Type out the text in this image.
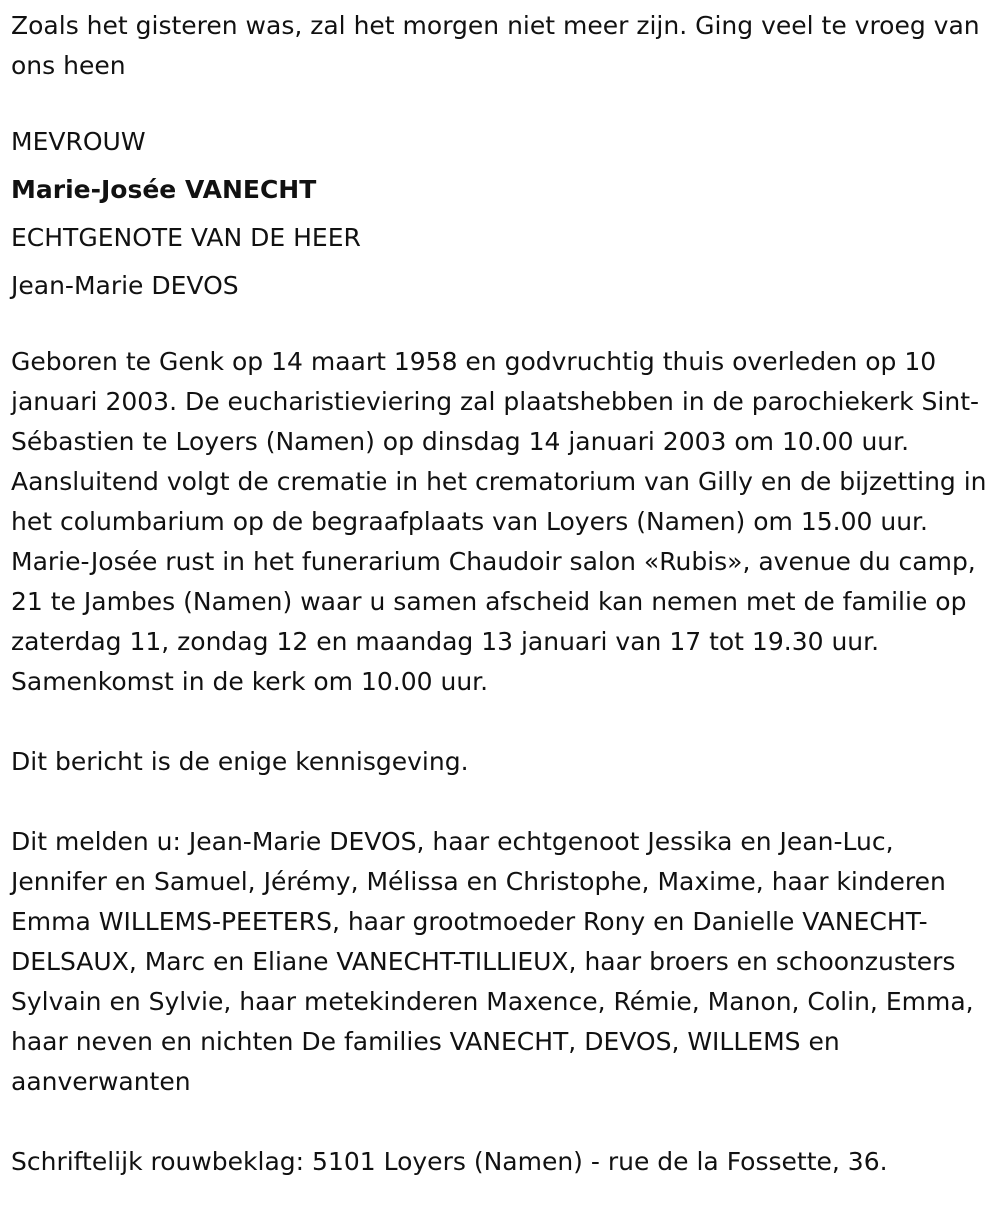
Zoals het gisteren was, zal het morgen niet meer zijn. Ging veel te vroeg van ons heen

MEVROUW

Marie-Josée VANECHT

ECHTGENOTE VAN DE HEER

Jean-Marie DEVOS

Geboren te Genk op 14 maart 1958 en godvruchtig thuis overleden op 10 januari 2003. De eucharistieviering zal plaatshebben in de parochiekerk Sint-Sébastien te Loyers (Namen) op dinsdag 14 januari 2003 om 10.00 uur. Aansluitend volgt de crematie in het crematorium van Gilly en de bijzetting in het columbarium op de begraafplaats van Loyers (Namen) om 15.00 uur. Marie-Josée rust in het funerarium Chaudoir salon «Rubis», avenue du camp, 21 te Jambes (Namen) waar u samen afscheid kan nemen met de familie op zaterdag 11, zondag 12 en maandag 13 januari van 17 tot 19.30 uur. Samenkomst in de kerk om 10.00 uur.

Dit bericht is de enige kennisgeving.

Dit melden u: Jean-Marie DEVOS, haar echtgenoot Jessika en Jean-Luc, Jennifer en Samuel, Jérémy, Mélissa en Christophe, Maxime, haar kinderen Emma WILLEMS-PEETERS, haar grootmoeder Rony en Danielle VANECHT-DELSAUX, Marc en Eliane VANECHT-TILLIEUX, haar broers en schoonzusters Sylvain en Sylvie, haar metekinderen Maxence, Rémie, Manon, Colin, Emma, haar neven en nichten De families VANECHT, DEVOS, WILLEMS en aanverwanten

Schriftelijk rouwbeklag: 5101 Loyers (Namen) - rue de la Fossette, 36.
